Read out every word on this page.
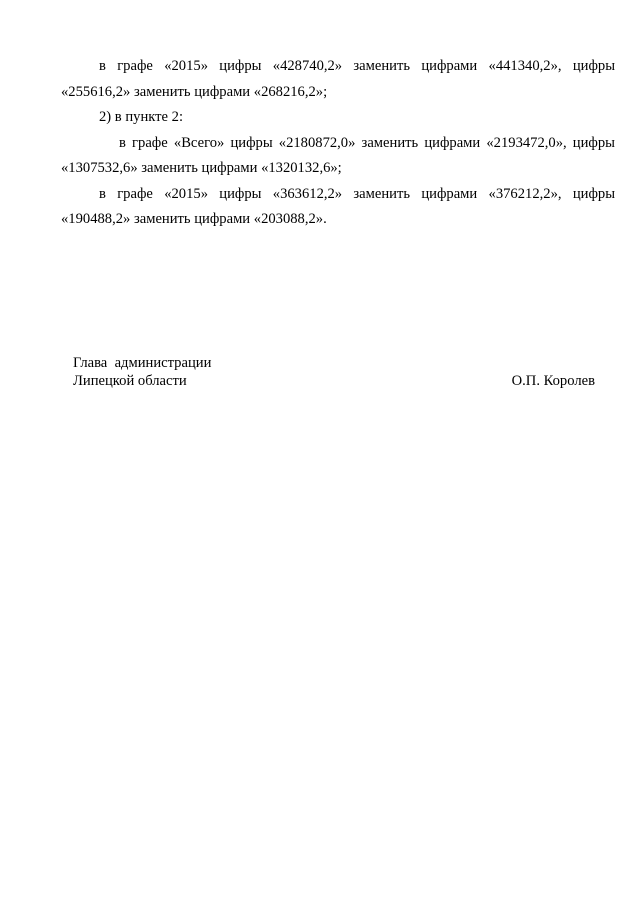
в графе «2015» цифры «428740,2» заменить цифрами «441340,2», цифры «255616,2» заменить цифрами «268216,2»;

2) в пункте 2:

в графе «Всего» цифры «2180872,0» заменить цифрами «2193472,0», цифры «1307532,6» заменить цифрами «1320132,6»;

в графе «2015» цифры «363612,2» заменить цифрами «376212,2», цифры «190488,2» заменить цифрами «203088,2».

Глава  администрации
Липецкой области	О.П. Королев
